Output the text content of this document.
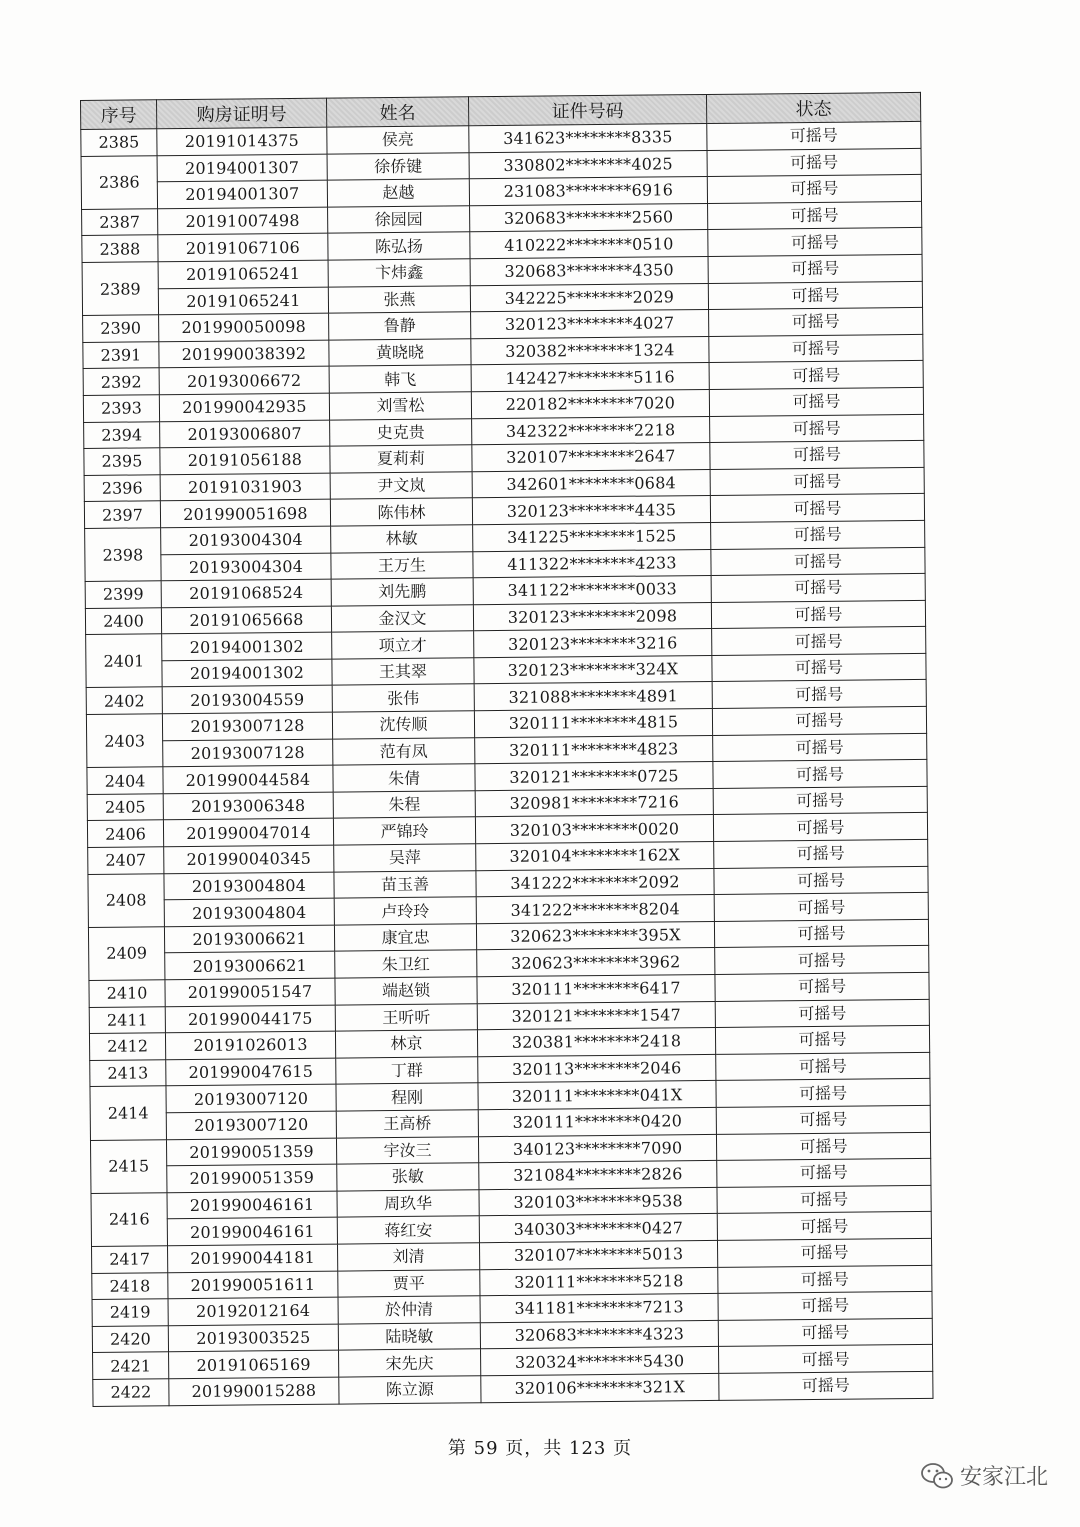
序号	购房证明号	姓名	证件号码	状态
2385	20191014375	侯亮	341623********8335	可摇号
2386	20194001307	徐侨键	330802********4025	可摇号
	20194001307	赵越	231083********6916	可摇号
2387	20191007498	徐园园	320683********2560	可摇号
2388	20191067106	陈弘扬	410222********0510	可摇号
2389	20191065241	卞炜鑫	320683********4350	可摇号
	20191065241	张燕	342225********2029	可摇号
2390	201990050098	鲁静	320123********4027	可摇号
2391	201990038392	黄晓晓	320382********1324	可摇号
2392	20193006672	韩飞	142427********5116	可摇号
2393	201990042935	刘雪松	220182********7020	可摇号
2394	20193006807	史克贵	342322********2218	可摇号
2395	20191056188	夏莉莉	320107********2647	可摇号
2396	20191031903	尹文岚	342601********0684	可摇号
2397	201990051698	陈伟林	320123********4435	可摇号
2398	20193004304	林敏	341225********1525	可摇号
	20193004304	王万生	411322********4233	可摇号
2399	20191068524	刘先鹏	341122********0033	可摇号
2400	20191065668	金汉文	320123********2098	可摇号
2401	20194001302	项立才	320123********3216	可摇号
	20194001302	王其翠	320123********324X	可摇号
2402	20193004559	张伟	321088********4891	可摇号
2403	20193007128	沈传顺	320111********4815	可摇号
	20193007128	范有凤	320111********4823	可摇号
2404	201990044584	朱倩	320121********0725	可摇号
2405	20193006348	朱程	320981********7216	可摇号
2406	201990047014	严锦玲	320103********0020	可摇号
2407	201990040345	吴萍	320104********162X	可摇号
2408	20193004804	苗玉善	341222********2092	可摇号
	20193004804	卢玲玲	341222********8204	可摇号
2409	20193006621	康宜忠	320623********395X	可摇号
	20193006621	朱卫红	320623********3962	可摇号
2410	201990051547	端赵锁	320111********6417	可摇号
2411	201990044175	王听听	320121********1547	可摇号
2412	20191026013	林京	320381********2418	可摇号
2413	201990047615	丁群	320113********2046	可摇号
2414	20193007120	程刚	320111********041X	可摇号
	20193007120	王高桥	320111********0420	可摇号
2415	201990051359	宇汝三	340123********7090	可摇号
	201990051359	张敏	321084********2826	可摇号
2416	201990046161	周玖华	320103********9538	可摇号
	201990046161	蒋红安	340303********0427	可摇号
2417	201990044181	刘清	320107********5013	可摇号
2418	201990051611	贾平	320111********5218	可摇号
2419	20192012164	於仲清	341181********7213	可摇号
2420	20193003525	陆晓敏	320683********4323	可摇号
2421	20191065169	宋先庆	320324********5430	可摇号
2422	201990015288	陈立源	320106********321X	可摇号
第 59 页，共 123 页
安家江北
